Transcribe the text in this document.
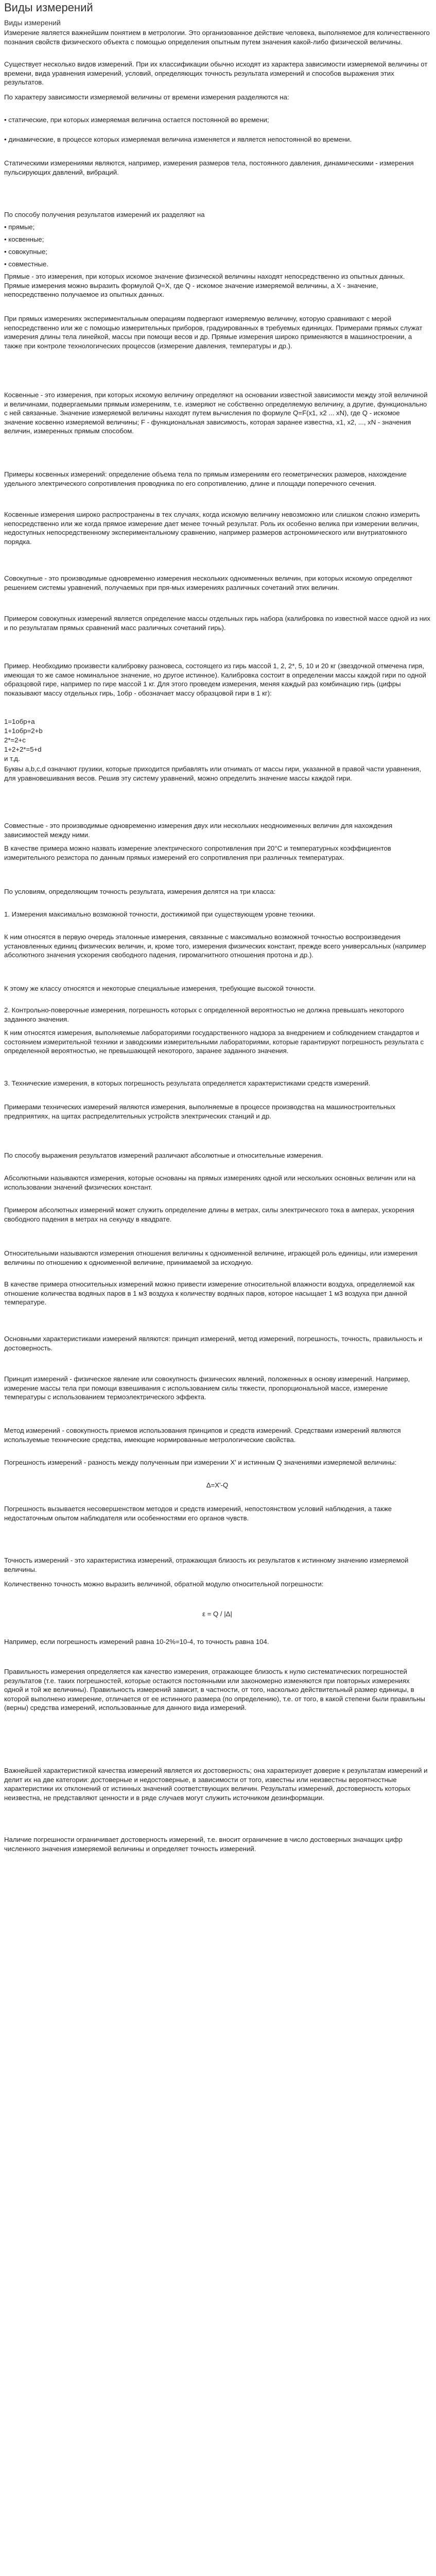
Виды измерений
Виды измерений
Измерение является важнейшим понятием в метрологии. Это организованное действие человека, выполняемое для количественного познания свойств физического объекта с помощью определения опытным путем значения какой-либо физической величины.
Существует несколько видов измерений. При их классификации обычно исходят из характера зависимости измеряемой величины от времени, вида уравнения измерений, условий, определяющих точность результата измерений и способов выражения этих результатов.
По характеру зависимости измеряемой величины от времени измерения разделяются на:
• статические, при которых измеряемая величина остается постоянной во времени;
• динамические, в процессе которых измеряемая величина изменяется и является непостоянной во времени.
Статическими измерениями являются, например, измерения размеров тела, постоянного давления, динамическими - измерения пульсирующих давлений, вибраций.
По способу получения результатов измерений их разделяют на
• прямые;
• косвенные;
• совокупные;
• совместные.
Прямые - это измерения, при которых искомое значение физической величины находят непосредственно из опытных данных. Прямые измерения можно выразить формулой Q=X, где Q - искомое значение измеряемой величины, а X - значение, непосредственно получаемое из опытных данных.
При прямых измерениях экспериментальным операциям подвергают измеряемую величину, которую сравнивают с мерой непосредственно или же с помощью измерительных приборов, градуированных в требуемых единицах. Примерами прямых служат измерения длины тела линейкой, массы при помощи весов и др. Прямые измерения широко применяются в машиностроении, а также при контроле технологических процессов (измерение давления, температуры и др.).
Косвенные - это измерения, при которых искомую величину определяют на основании известной зависимости между этой величиной и величинами, подвергаемыми прямым измерениям, т.е. измеряют не собственно определяемую величину, а другие, функционально с ней связанные. Значение измеряемой величины находят путем вычисления по формуле Q=F(x1, x2 ... xN), где Q - искомое значение косвенно измеряемой величины; F - функциональная зависимость, которая заранее известна, x1, x2, ..., xN - значения величин, измеренных прямым способом.
Примеры косвенных измерений: определение объема тела по прямым измерениям его геометрических размеров, нахождение удельного электрического сопротивления проводника по его сопротивлению, длине и площади поперечного сечения.
Косвенные измерения широко распространены в тех случаях, когда искомую величину невозможно или слишком сложно измерить непосредственно или же когда прямое измерение дает менее точный результат. Роль их особенно велика при измерении величин, недоступных непосредственному экспериментальному сравнению, например размеров астрономического или внутриатомного порядка.
Совокупные - это производимые одновременно измерения нескольких одноименных величин, при которых искомую определяют решением системы уравнений, получаемых при пря-мых измерениях различных сочетаний этих величин.
Примером совокупных измерений является определение массы отдельных гирь набора (калибровка по известной массе одной из них и по результатам прямых сравнений масс различных сочетаний гирь).
Пример. Необходимо произвести калибровку разновеса, состоящего из гирь массой 1, 2, 2*, 5, 10 и 20 кг (звездочкой отмечена гиря, имеющая то же самое номинальное значение, но другое истинное). Калибровка состоит в определении массы каждой гири по одной образцовой гире, например по гире массой 1 кг. Для этого проведем измерения, меняя каждый раз комбинацию гирь (цифры показывают массу отдельных гирь, 1обр - обозначает массу образцовой гири в 1 кг):
1=1обр+a
1+1обр=2+b
2*=2+c
1+2+2*=5+d
и т.д.
Буквы a,b,c,d означают грузики, которые приходится прибавлять или отнимать от массы гири, указанной в правой части уравнения, для уравновешивания весов. Решив эту систему уравнений, можно определить значение массы каждой гири.
Совместные - это производимые одновременно измерения двух или нескольких неодноименных величин для нахождения зависимостей между ними.
В качестве примера можно назвать измерение электрического сопротивления при 20°С и температурных коэффициентов измерительного резистора по данным прямых измерений его сопротивления при различных температурах.
По условиям, определяющим точность результата, измерения делятся на три класса:
1. Измерения максимально возможной точности, достижимой при существующем уровне техники.
К ним относятся в первую очередь эталонные измерения, связанные с максимально возможной точностью воспроизведения установленных единиц физических величин, и, кроме того, измерения физических констант, прежде всего универсальных (например абсолютного значения ускорения свободного падения, гиромагнитного отношения протона и др.).
К этому же классу относятся и некоторые специальные измерения, требующие высокой точности.
2. Контрольно-поверочные измерения, погрешность которых с определенной вероятностью не должна превышать некоторого заданного значения.
К ним относятся измерения, выполняемые лабораториями государственного надзора за внедрением и соблюдением стандартов и состоянием измерительной техники и заводскими измерительными лабораториями, которые гарантируют погрешность результата с определенной вероятностью, не превышающей некоторого, заранее заданного значения.
3. Технические измерения, в которых погрешность результата определяется характеристиками средств измерений.
Примерами технических измерений являются измерения, выполняемые в процессе производства на машиностроительных предприятиях, на щитах распределительных устройств электрических станций и др.
По способу выражения результатов измерений различают абсолютные и относительные измерения.
Абсолютными называются измерения, которые основаны на прямых измерениях одной или нескольких основных величин или на использовании значений физических констант.
Примером абсолютных измерений может служить определение длины в метрах, силы электрического тока в амперах, ускорения свободного падения в метрах на секунду в квадрате.
Относительными называются измерения отношения величины к одноименной величине, играющей роль единицы, или измерения величины по отношению к одноименной величине, принимаемой за исходную.
В качестве примера относительных измерений можно привести измерение относительной влажности воздуха, определяемой как отношение количества водяных паров в 1 м3 воздуха к количеству водяных паров, которое насыщает 1 м3 воздуха при данной температуре.
Основными характеристиками измерений являются: принцип измерений, метод измерений, погрешность, точность, правильность и достоверность.
Принцип измерений - физическое явление или совокупность физических явлений, положенных в основу измерений. Например, измерение массы тела при помощи взвешивания с использованием силы тяжести, пропорциональной массе, измерение температуры с использованием термоэлектрического эффекта.
Метод измерений - совокупность приемов использования принципов и средств измерений. Средствами измерений являются используемые технические средства, имеющие нормированные метрологические свойства.
Погрешность измерений - разность между полученным при измерении X' и истинным Q значениями измеряемой величины:
Δ=X'-Q
Погрешность вызывается несовершенством методов и средств измерений, непостоянством условий наблюдения, а также недостаточным опытом наблюдателя или особенностями его органов чувств.
Точность измерений - это характеристика измерений, отражающая близость их результатов к истинному значению измеряемой величины.
Количественно точность можно выразить величиной, обратной модулю относительной погрешности:
ε = Q / |Δ|
Например, если погрешность измерений равна 10-2%=10-4, то точность равна 104.
Правильность измерения определяется как качество измерения, отражающее близость к нулю систематических погрешностей результатов (т.е. таких погрешностей, которые остаются постоянными или закономерно изменяются при повторных измерениях одной и той же величины). Правильность измерений зависит, в частности, от того, насколько действительный размер единицы, в которой выполнено измерение, отличается от ее истинного размера (по определению), т.е. от того, в какой степени были правильны (верны) средства измерений, использованные для данного вида измерений.
Важнейшей характеристикой качества измерений является их достоверность; она характеризует доверие к результатам измерений и делит их на две категории: достоверные и недостоверные, в зависимости от того, известны или неизвестны вероятностные характеристики их отклонений от истинных значений соответствующих величин. Результаты измерений, достоверность которых неизвестна, не представляют ценности и в ряде случаев могут служить источником дезинформации.
Наличие погрешности ограничивает достоверность измерений, т.е. вносит ограничение в число достоверных значащих цифр численного значения измеряемой величины и определяет точность измерений.
